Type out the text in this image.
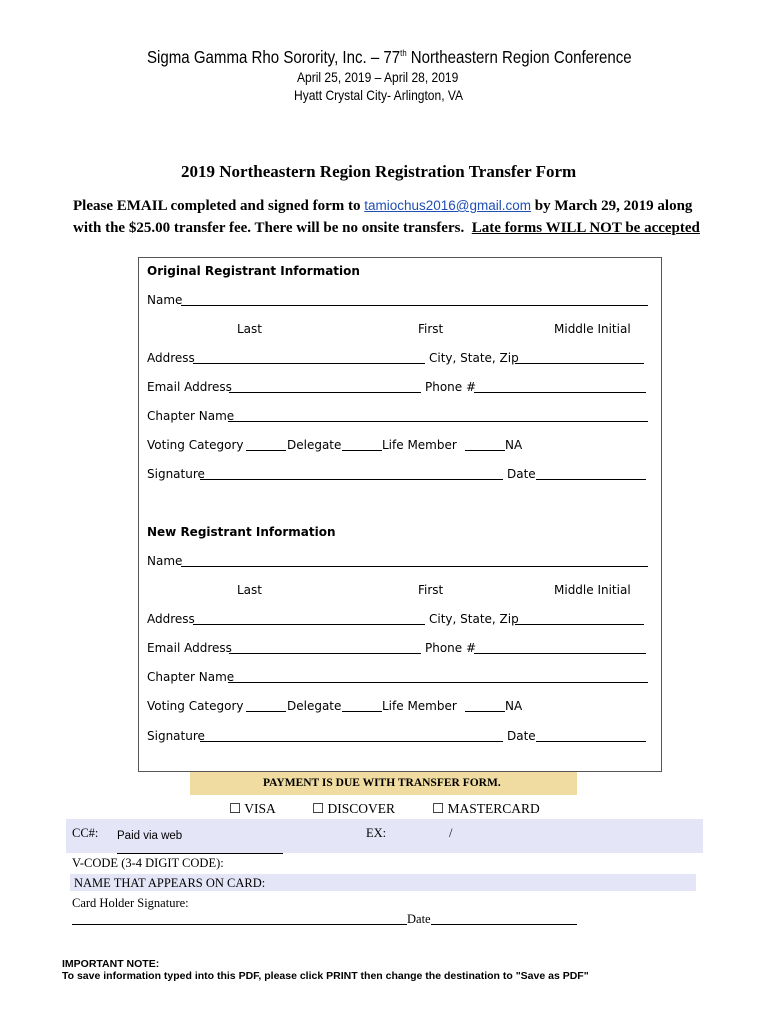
Sigma Gamma Rho Sorority, Inc. – 77th Northeastern Region Conference
April 25, 2019 – April 28, 2019
Hyatt Crystal City- Arlington, VA
2019 Northeastern Region Registration Transfer Form
Please EMAIL completed and signed form to tamiochus2016@gmail.com by March 29, 2019 along
with the $25.00 transfer fee. There will be no onsite transfers. Late forms WILL NOT be accepted
Original Registrant Information
Name
Last	First	Middle Initial
Address	City, State, Zip
Email Address	Phone #
Chapter Name
Voting Category	Delegate	Life Member	NA
Signature	Date
New Registrant Information
Name
Last	First	Middle Initial
Address	City, State, Zip
Email Address	Phone #
Chapter Name
Voting Category	Delegate	Life Member	NA
Signature	Date
PAYMENT IS DUE WITH TRANSFER FORM.
☐ VISA	☐ DISCOVER	☐ MASTERCARD
CC#: Paid via web	EX:	/
V-CODE (3-4 DIGIT CODE):
NAME THAT APPEARS ON CARD:
Card Holder Signature:
Date
IMPORTANT NOTE:
To save information typed into this PDF, please click PRINT then change the destination to "Save as PDF"
